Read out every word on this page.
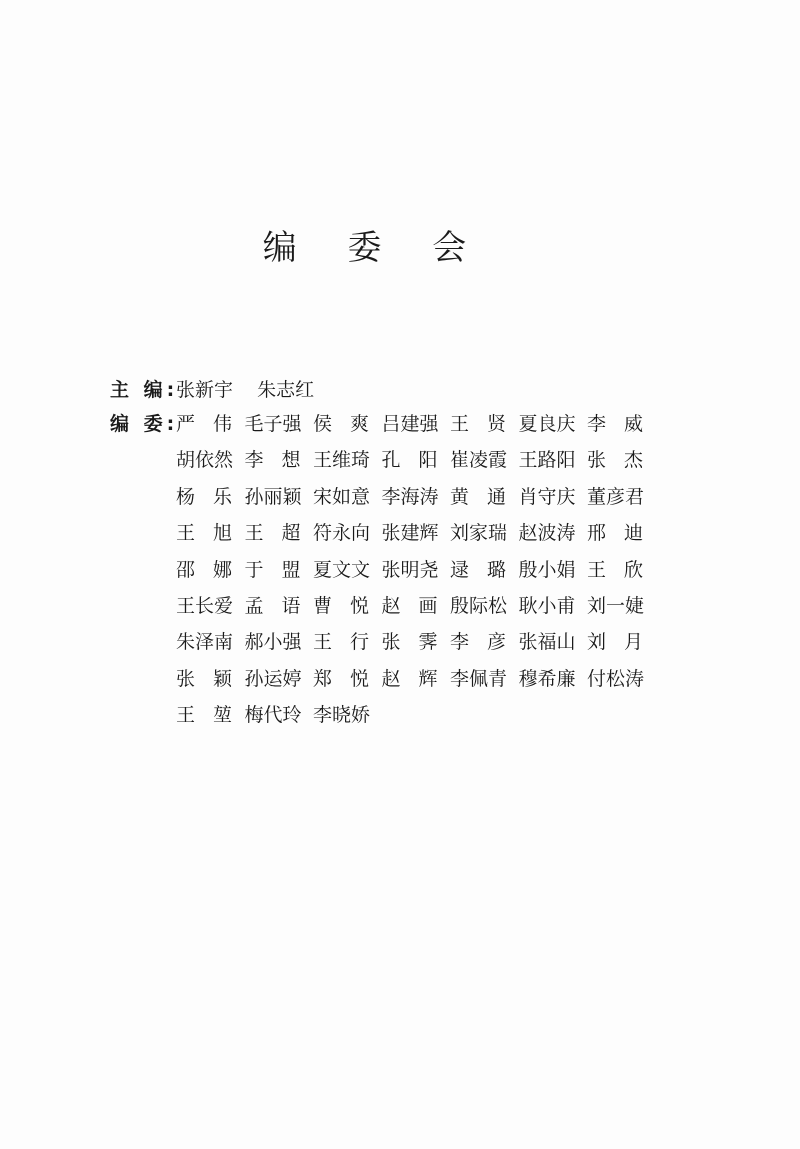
编 委 会
主 编:
张新宇 朱志红
编 委:
严伟
毛子强 侯爽
吕建强 王贤
夏良庆 李威
胡依然 李想
王维琦 孔阳
崔凌霞 王路阳 张杰
杨乐
孙丽颖 宋如意 李海涛 黄通
肖守庆 董彦君
王旭
王超
符永向 张建辉 刘家瑞 赵波涛 邢迪
邵娜
于盟
夏文文 张明尧 逯璐
殷小娟 王欣
王长爱 孟语
曹悦
赵画
殷际松 耿小甫 刘一婕
朱泽南 郝小强 王行
张霁
李彦
张福山 刘月
张颖
孙运婷 郑悦
赵辉
李佩青 穆希廉 付松涛
王堃
梅代玲 李晓娇
